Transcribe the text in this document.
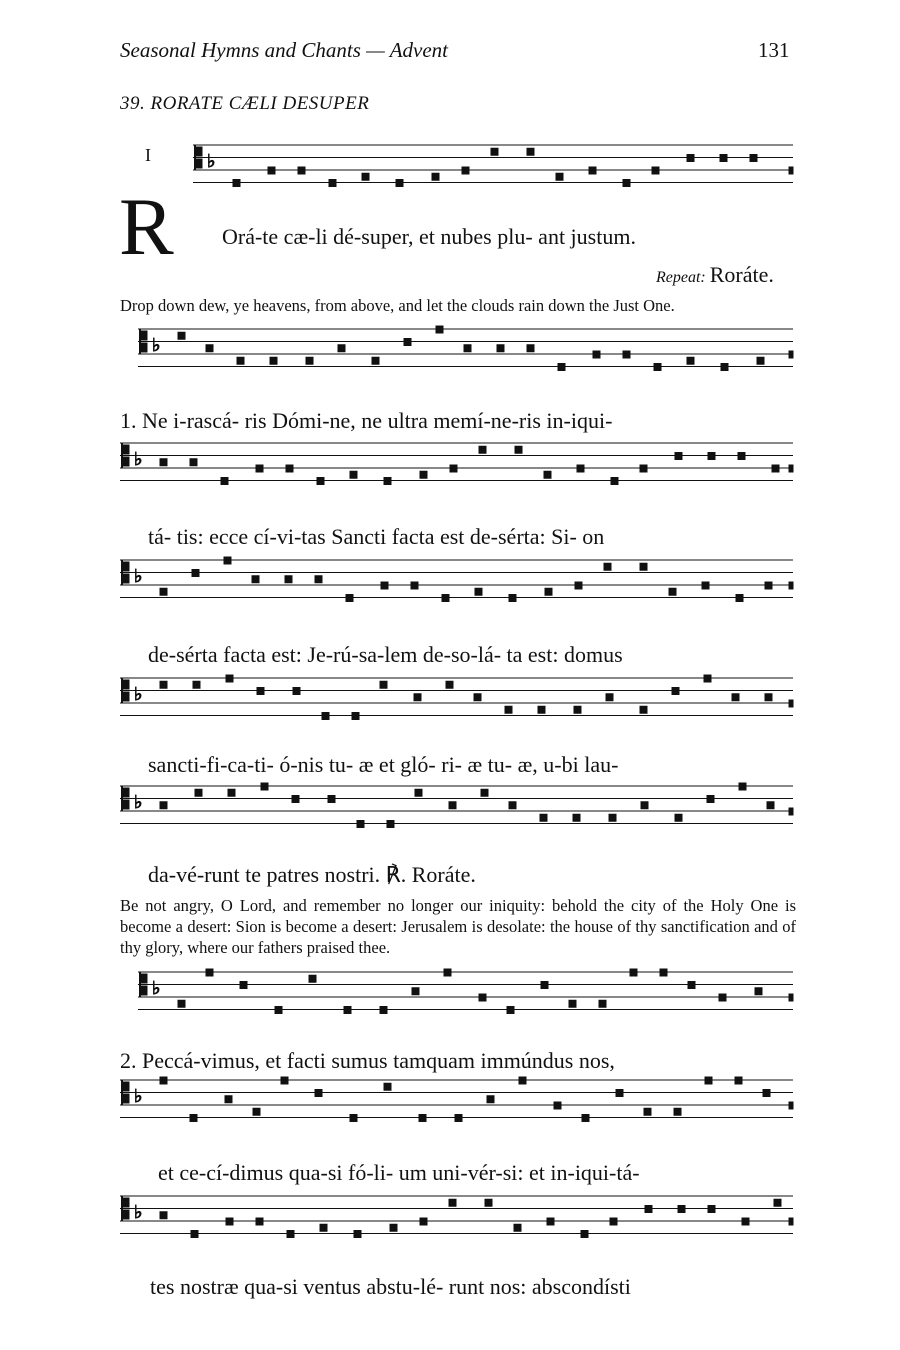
Seasonal Hymns and Chants — Advent	131
39. RORATE CÆLI DESUPER
I
R
♭
♭
♭
♭
♭
♭
♭
♭
♭
Orá-te cæ-li dé-super, et nubes plu- ant justum.
Repeat: Roráte.
Drop down dew, ye heavens, from above, and let the clouds rain down the Just One.
1. Ne i-rascá- ris Dómi-ne, ne ultra memí-ne-ris in-iqui-
tá- tis: ecce cí-vi-tas Sancti facta est de-sérta: Si- on
de-sérta facta est: Je-rú-sa-lem de-so-lá- ta est: domus
sancti-fi-ca-ti- ó-nis tu- æ et gló- ri- æ tu- æ, u-bi lau-
da-vé-runt te patres nostri. ℟. Roráte.
Be not angry, O Lord, and remember no longer our iniquity: behold the city of the Holy One is become a desert: Sion is become a desert: Jerusalem is desolate: the house of thy sanctification and of thy glory, where our fathers praised thee.
2. Peccá-vimus, et facti sumus tamquam immúndus nos,
et ce-cí-dimus qua-si fó-li- um uni-vér-si: et in-iqui-tá-
tes nostræ qua-si ventus abstu-lé- runt nos: abscondísti
